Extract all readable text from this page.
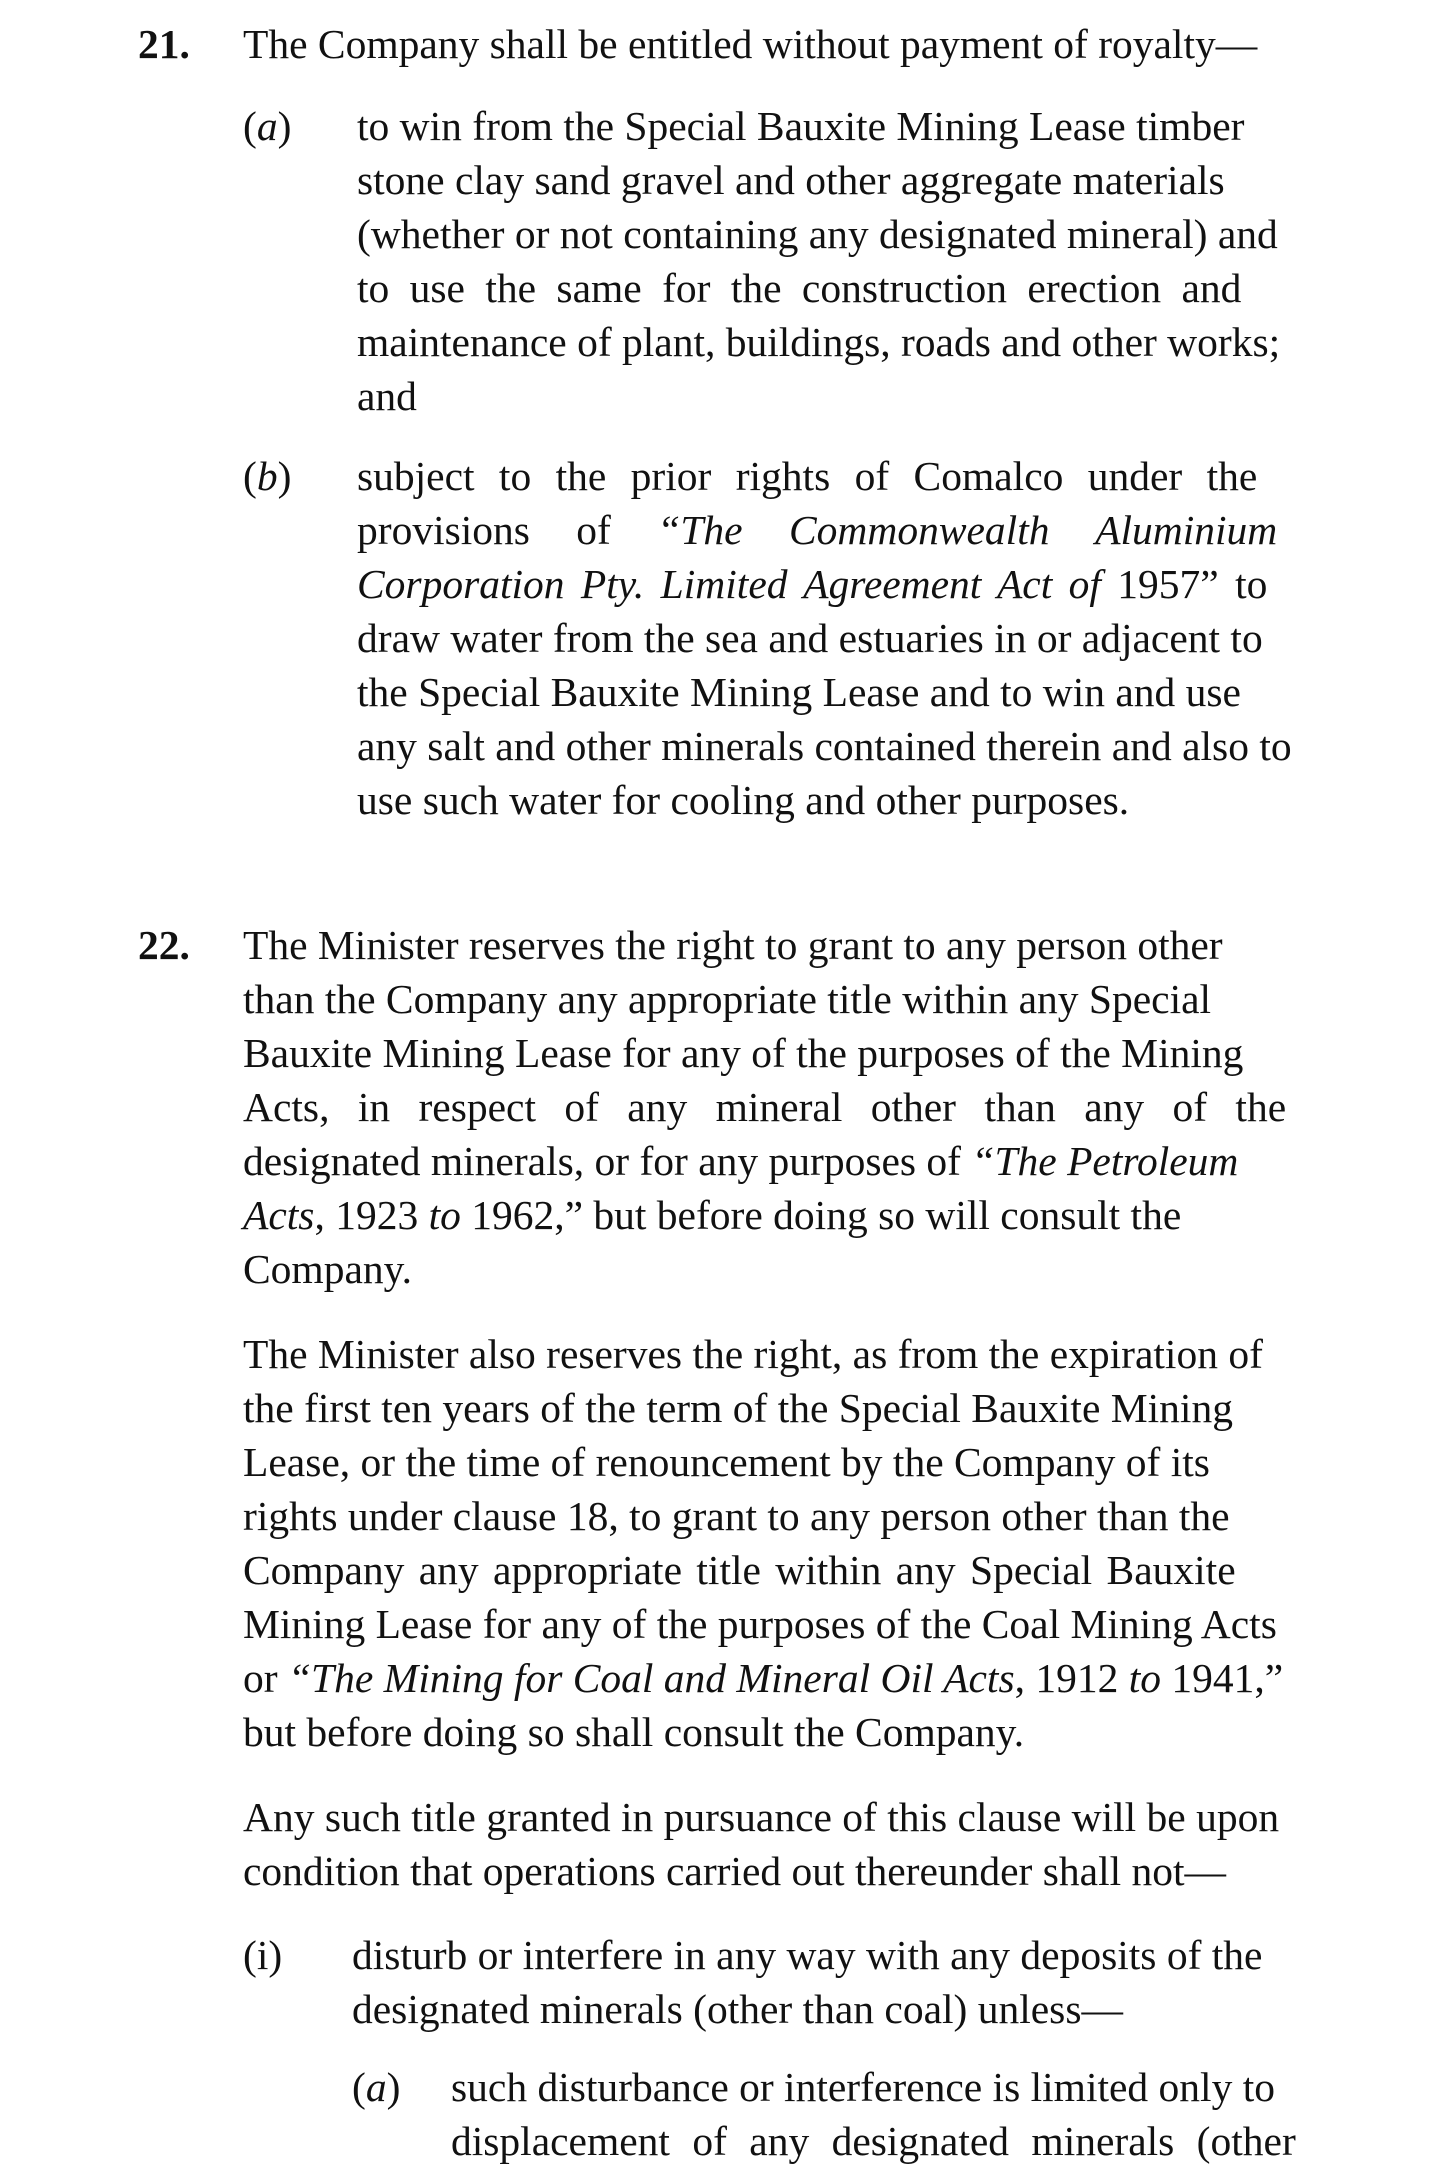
21. The Company shall be entitled without payment of royalty—
(a) to win from the Special Bauxite Mining Lease timber
stone clay sand gravel and other aggregate materials
(whether or not containing any designated mineral) and
to use the same for the construction erection and
maintenance of plant, buildings, roads and other works;
and
(b) subject to the prior rights of Comalco under the
provisions of “The Commonwealth Aluminium
Corporation Pty. Limited Agreement Act of 1957” to
draw water from the sea and estuaries in or adjacent to
the Special Bauxite Mining Lease and to win and use
any salt and other minerals contained therein and also to
use such water for cooling and other purposes.
22. The Minister reserves the right to grant to any person other
than the Company any appropriate title within any Special
Bauxite Mining Lease for any of the purposes of the Mining
Acts, in respect of any mineral other than any of the
designated minerals, or for any purposes of “The Petroleum
Acts, 1923 to 1962,” but before doing so will consult the
Company.
The Minister also reserves the right, as from the expiration of
the first ten years of the term of the Special Bauxite Mining
Lease, or the time of renouncement by the Company of its
rights under clause 18, to grant to any person other than the
Company any appropriate title within any Special Bauxite
Mining Lease for any of the purposes of the Coal Mining Acts
or “The Mining for Coal and Mineral Oil Acts, 1912 to 1941,”
but before doing so shall consult the Company.
Any such title granted in pursuance of this clause will be upon
condition that operations carried out thereunder shall not—
(i) disturb or interfere in any way with any deposits of the
designated minerals (other than coal) unless—
(a) such disturbance or interference is limited only to
displacement of any designated minerals (other
